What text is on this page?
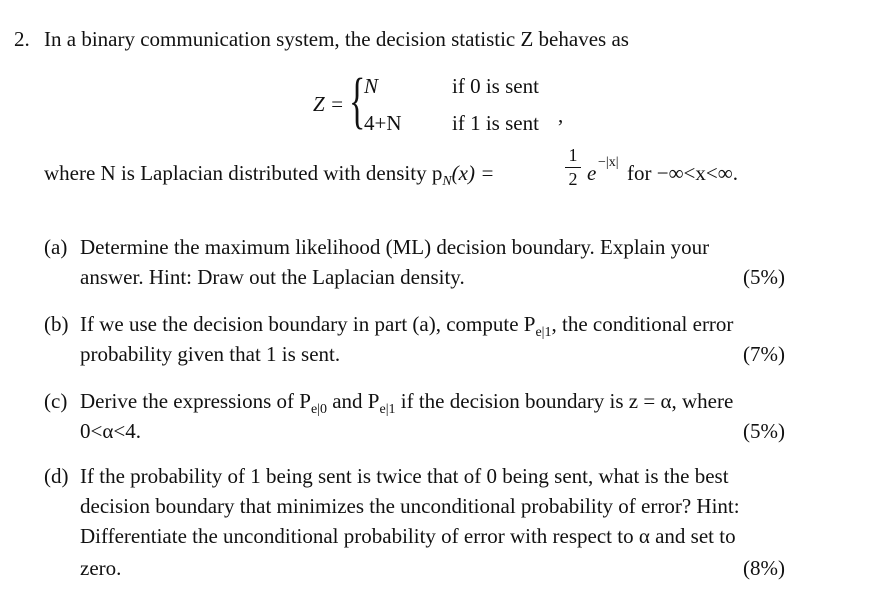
2. In a binary communication system, the decision statistic Z behaves as
Z = {
N	if 0 is sent
4+N if 1 is sent ,
where N is Laplacian distributed with density $p_N(x)$ =
1
2 e −|x| for −∞<x<∞.
(a) Determine the maximum likelihood (ML) decision boundary. Explain your
answer. Hint: Draw out the Laplacian density.	(5%)
(b) If we use the decision boundary in part (a), compute $P_{e|1}$, the conditional error
probability given that 1 is sent.	(7%)
(c) Derive the expressions of $P_{e|0}$ and $P_{e|1}$ if the decision boundary is z = α, where
0<α<4.	(5%)
(d) If the probability of 1 being sent is twice that of 0 being sent, what is the best
decision boundary that minimizes the unconditional probability of error? Hint:
Differentiate the unconditional probability of error with respect to α and set to
zero.	(8%)
